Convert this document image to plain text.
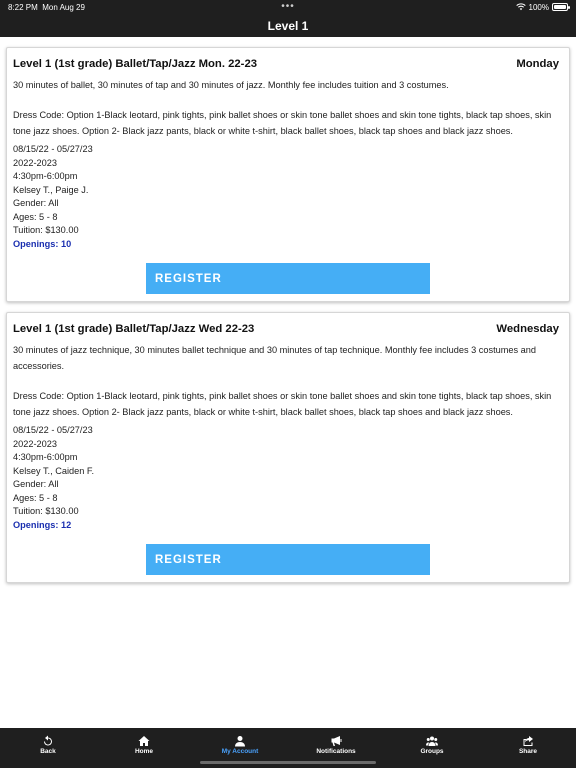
8:22 PM Mon Aug 29	•••	100%
Level 1
Level 1 (1st grade) Ballet/Tap/Jazz Mon. 22-23	Monday

30 minutes of ballet, 30 minutes of tap and 30 minutes of jazz. Monthly fee includes tuition and 3 costumes.

Dress Code: Option 1-Black leotard, pink tights, pink ballet shoes or skin tone ballet shoes and skin tone tights, black tap shoes, skin tone jazz shoes. Option 2- Black jazz pants, black or white t-shirt, black ballet shoes, black tap shoes and black jazz shoes.

08/15/22 - 05/27/23
2022-2023
4:30pm-6:00pm
Kelsey T., Paige J.
Gender: All
Ages: 5 - 8
Tuition: $130.00
Openings: 10
REGISTER
Level 1 (1st grade) Ballet/Tap/Jazz Wed 22-23	Wednesday

30 minutes of jazz technique, 30 minutes ballet technique and 30 minutes of tap technique. Monthly fee includes 3 costumes and accessories.

Dress Code: Option 1-Black leotard, pink tights, pink ballet shoes or skin tone ballet shoes and skin tone tights, black tap shoes, skin tone jazz shoes. Option 2- Black jazz pants, black or white t-shirt, black ballet shoes, black tap shoes and black jazz shoes.

08/15/22 - 05/27/23
2022-2023
4:30pm-6:00pm
Kelsey T., Caiden F.
Gender: All
Ages: 5 - 8
Tuition: $130.00
Openings: 12
REGISTER
Back	Home	My Account	Notifications	Groups	Share
